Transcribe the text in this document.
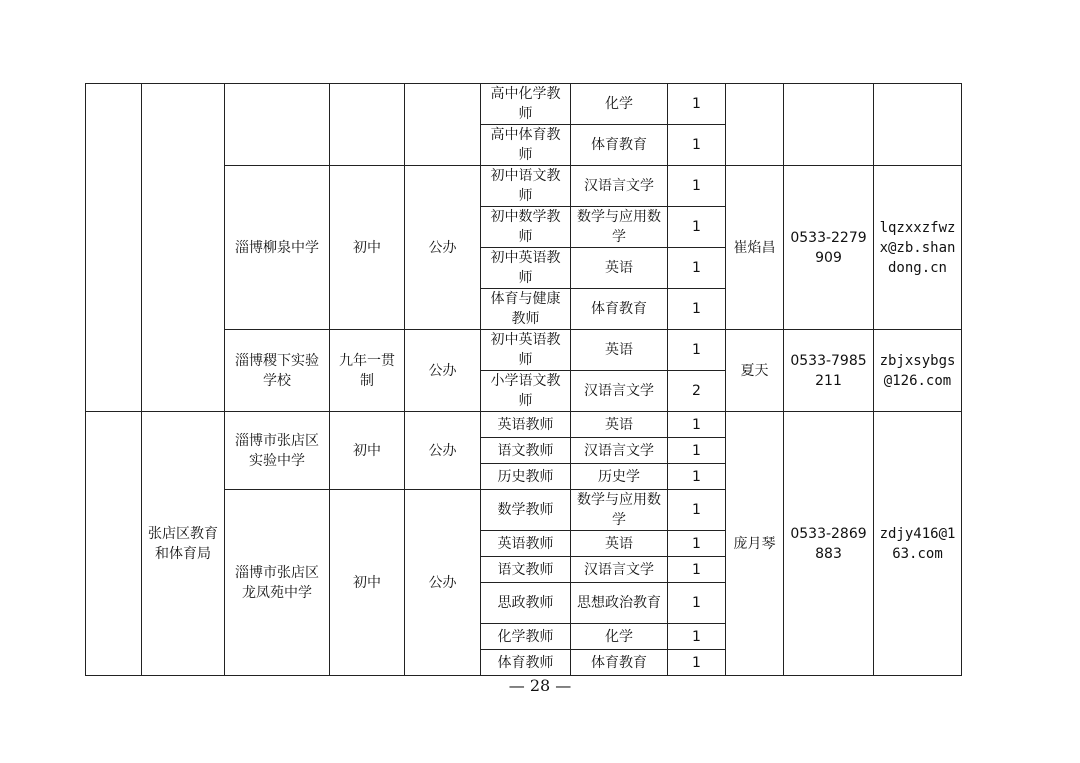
					高中化学教师	化学	1			
					高中体育教师	体育教育	1			
		淄博柳泉中学	初中	公办	初中语文教师	汉语言文学	1	崔焰昌	0533-2279909	lqzxxzfwzx@zb.shandong.cn
					初中数学教师	数学与应用数学	1			
					初中英语教师	英语	1			
					体育与健康教师	体育教育	1			
		淄博稷下实验学校	九年一贯制	公办	初中英语教师	英语	1	夏天	0533-7985211	zbjxsybgs@126.com
					小学语文教师	汉语言文学	2			
	张店区教育和体育局	淄博市张店区实验中学	初中	公办	英语教师	英语	1	庞月琴	0533-2869883	zdjy416@163.com
					语文教师	汉语言文学	1			
					历史教师	历史学	1			
		淄博市张店区龙凤苑中学	初中	公办	数学教师	数学与应用数学	1			
					英语教师	英语	1			
					语文教师	汉语言文学	1			
					思政教师	思想政治教育	1			
					化学教师	化学	1			
					体育教师	体育教育	1			
— 28 —
